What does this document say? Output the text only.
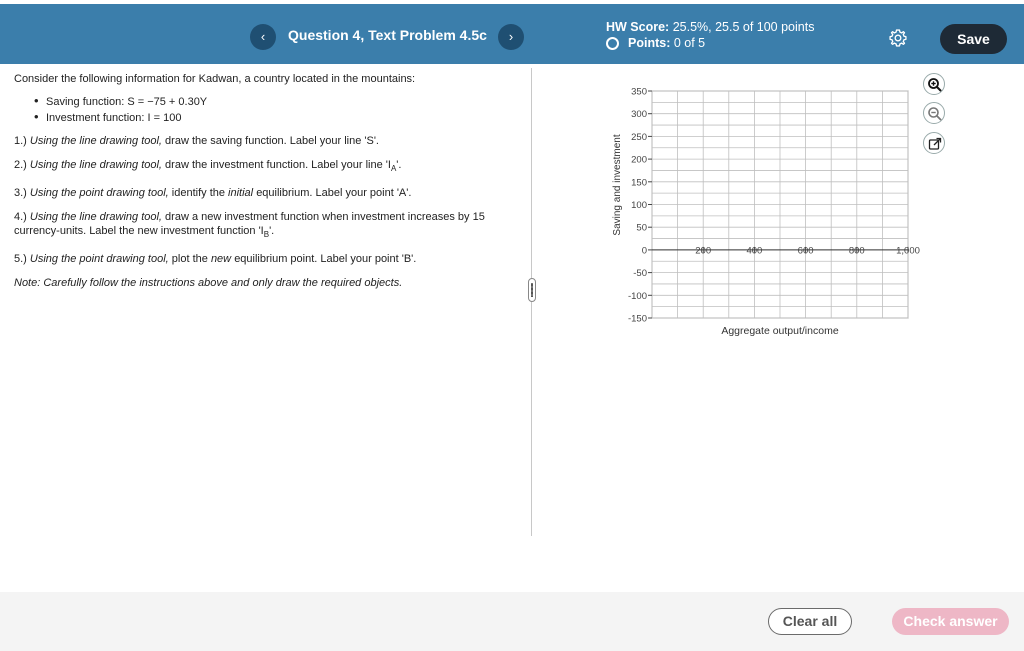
‹	Question 4, Text Problem 4.5c	›
HW Score: 25.5%, 25.5 of 100 points
Points:
0 of 5	Save
Consider the following information for Kadwan, a country located in the mountains:
• Saving function: S = −75 + 0.30Y
• Investment function: I = 100
1.) Using the line drawing tool, draw the saving function. Label your line 'S'.
2.) Using the line drawing tool, draw the investment function. Label your line '$I_A$'.
3.) Using the point drawing tool, identify the initial equilibrium. Label your point 'A'.
4.) Using the line drawing tool, draw a new investment function when investment increases by 15 currency-units. Label the new investment function '$I_B$'.
5.) Using the point drawing tool, plot the new equilibrium point. Label your point 'B'.
Note: Carefully follow the instructions above and only draw the required objects.
Saving and investment
Aggregate output/income
350
300
250
200
150
100
50
0
-50
-100
-150
200	400	600	800	1,000
Clear all	Check answer
